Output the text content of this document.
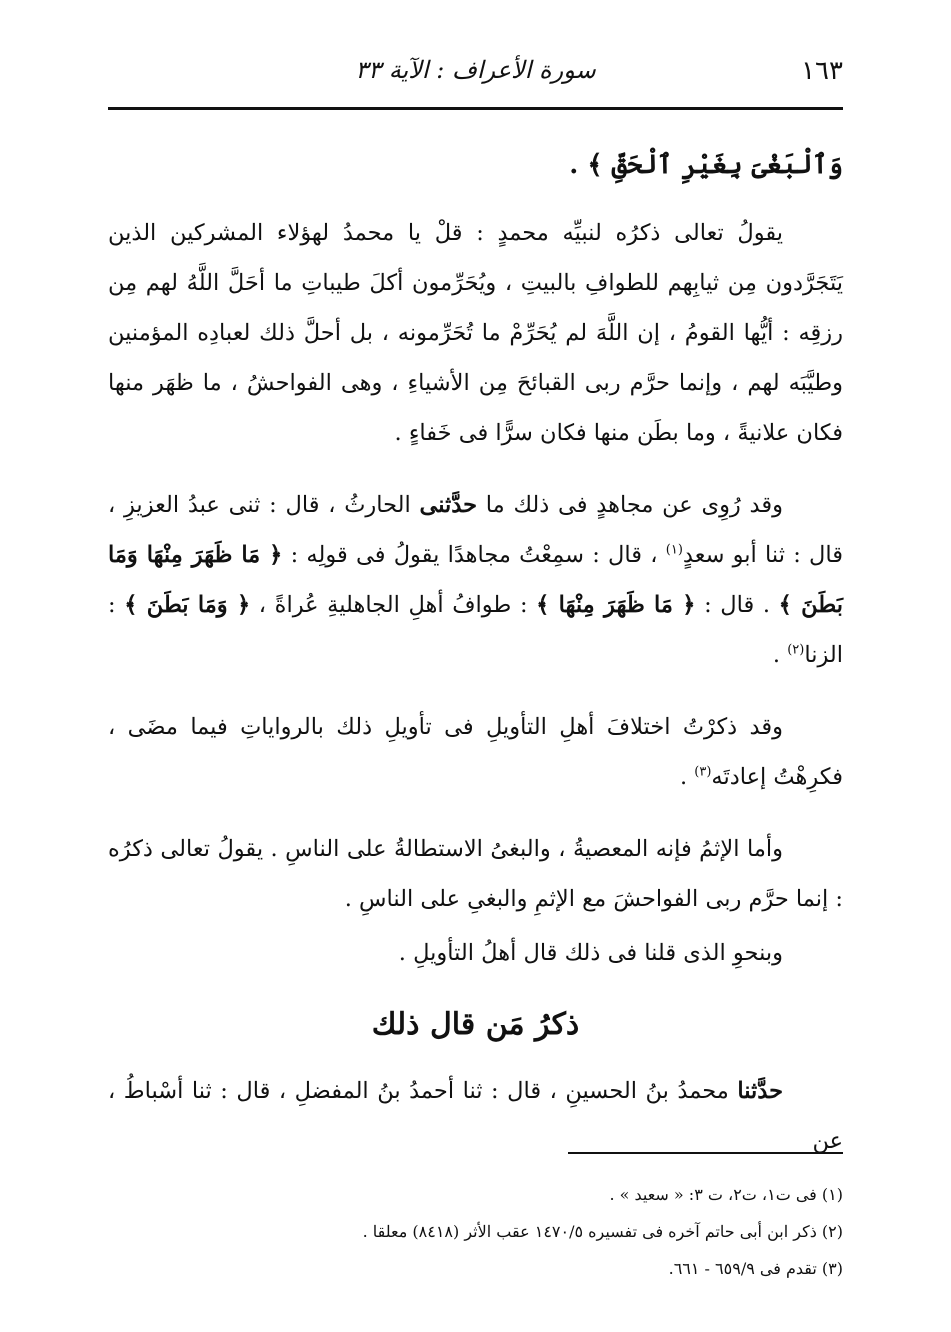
١٦٣
سورة الأعراف : الآية ٣٣

وَٱلْبَغْىَ بِغَيْرِ ٱلْحَقِّ ﴾ .

يقولُ تعالى ذكرُه لنبيِّه محمدٍ : قلْ يا محمدُ لهؤلاء المشركين الذين يَتَجَرَّدون مِن ثيابِهم للطوافِ بالبيتِ ، ويُحَرِّمون أكلَ طيباتِ ما أحَلَّ اللَّهُ لهم مِن رزقِه : أيُّها القومُ ، إن اللَّهَ لم يُحَرِّمْ ما تُحَرِّمونه ، بل أحلَّ ذلك لعبادِه المؤمنين وطيَّبَه لهم ، وإنما حرَّم ربى القبائحَ مِن الأشياءِ ، وهى الفواحشُ ، ما ظهَر منها فكان علانيةً ، وما بطَن منها فكان سرًّا فى خَفاءٍ .

وقد رُوِى عن مجاهدٍ فى ذلك ما حدَّثنى الحارثُ ، قال : ثنى عبدُ العزيزِ ، قال : ثنا أبو سعدٍ$^{(١)}$ ، قال : سمِعْتُ مجاهدًا يقولُ فى قولِه : ﴿ مَا ظَهَرَ مِنْهَا وَمَا بَطَنَ ﴾ . قال : ﴿ مَا ظَهَرَ مِنْهَا ﴾ : طوافُ أهلِ الجاهليةِ عُراةً ، ﴿ وَمَا بَطَنَ ﴾ : الزنا$^{(٢)}$ .

وقد ذكرْتُ اختلافَ أهلِ التأويلِ فى تأويلِ ذلك بالرواياتِ فيما مضَى ، فكرِهْتُ إعادتَه$^{(٣)}$ .

وأما الإثمُ فإنه المعصيةُ ، والبغىُ الاستطالةُ على الناسِ . يقولُ تعالى ذكرُه : إنما حرَّم ربى الفواحشَ مع الإثمِ والبغىِ على الناسِ .

وبنحوِ الذى قلنا فى ذلك قال أهلُ التأويلِ .

ذكرُ مَن قال ذلك

حدَّثنا محمدُ بنُ الحسينِ ، قال : ثنا أحمدُ بنُ المفضلِ ، قال : ثنا أسْباطُ ، عن

(١) فى ت١، ت٢، ت ٣: « سعيد » .

(٢) ذكر ابن أبى حاتم آخره فى تفسيره ١٤٧٠/٥ عقب الأثر (٨٤١٨) معلقا .

(٣) تقدم فى ٦٥٩/٩ - ٦٦١.
